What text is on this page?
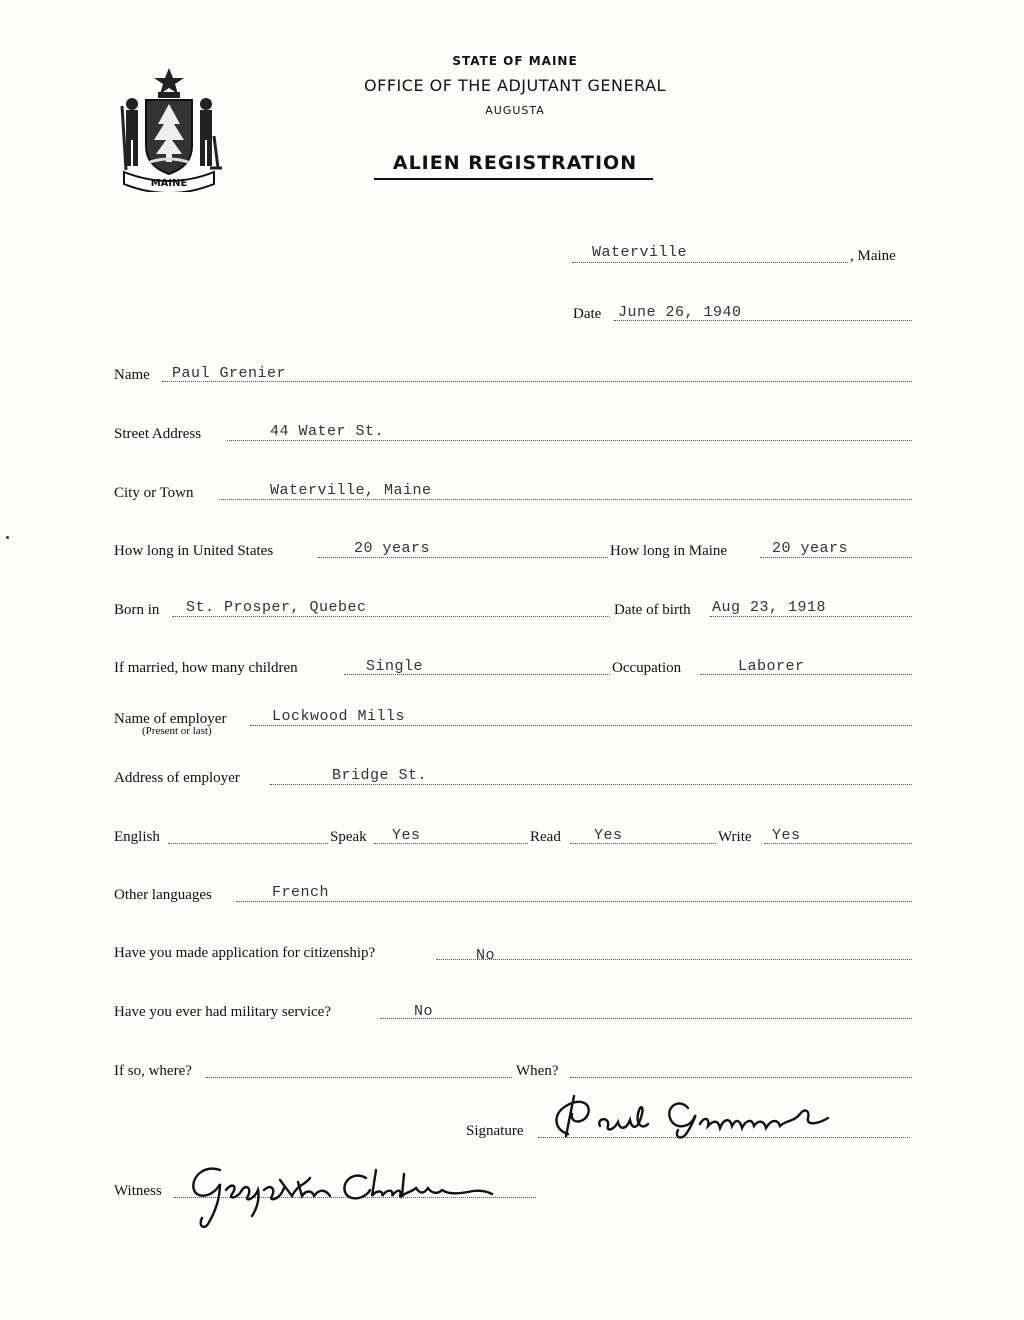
MAINE
STATE OF MAINE
OFFICE OF THE ADJUTANT GENERAL
AUGUSTA
ALIEN REGISTRATION
Waterville	, Maine
Date June 26, 1940
Name Paul Grenier
Street Address	44 Water St.
City or Town	Waterville, Maine
How long in United States	20 years	How long in Maine	20 years
Born in St. Prosper, Quebec	Date of birth Aug 23, 1918
If married, how many children	Single	Occupation	Laborer
Name of employer
(Present or last)
Lockwood Mills
Address of employer	Bridge St.
English	Speak Yes	Read Yes	Write Yes
Other languages	French
Have you made application for citizenship?	No
Have you ever had military service?	No
If so, where?	When?
Signature
Witness
